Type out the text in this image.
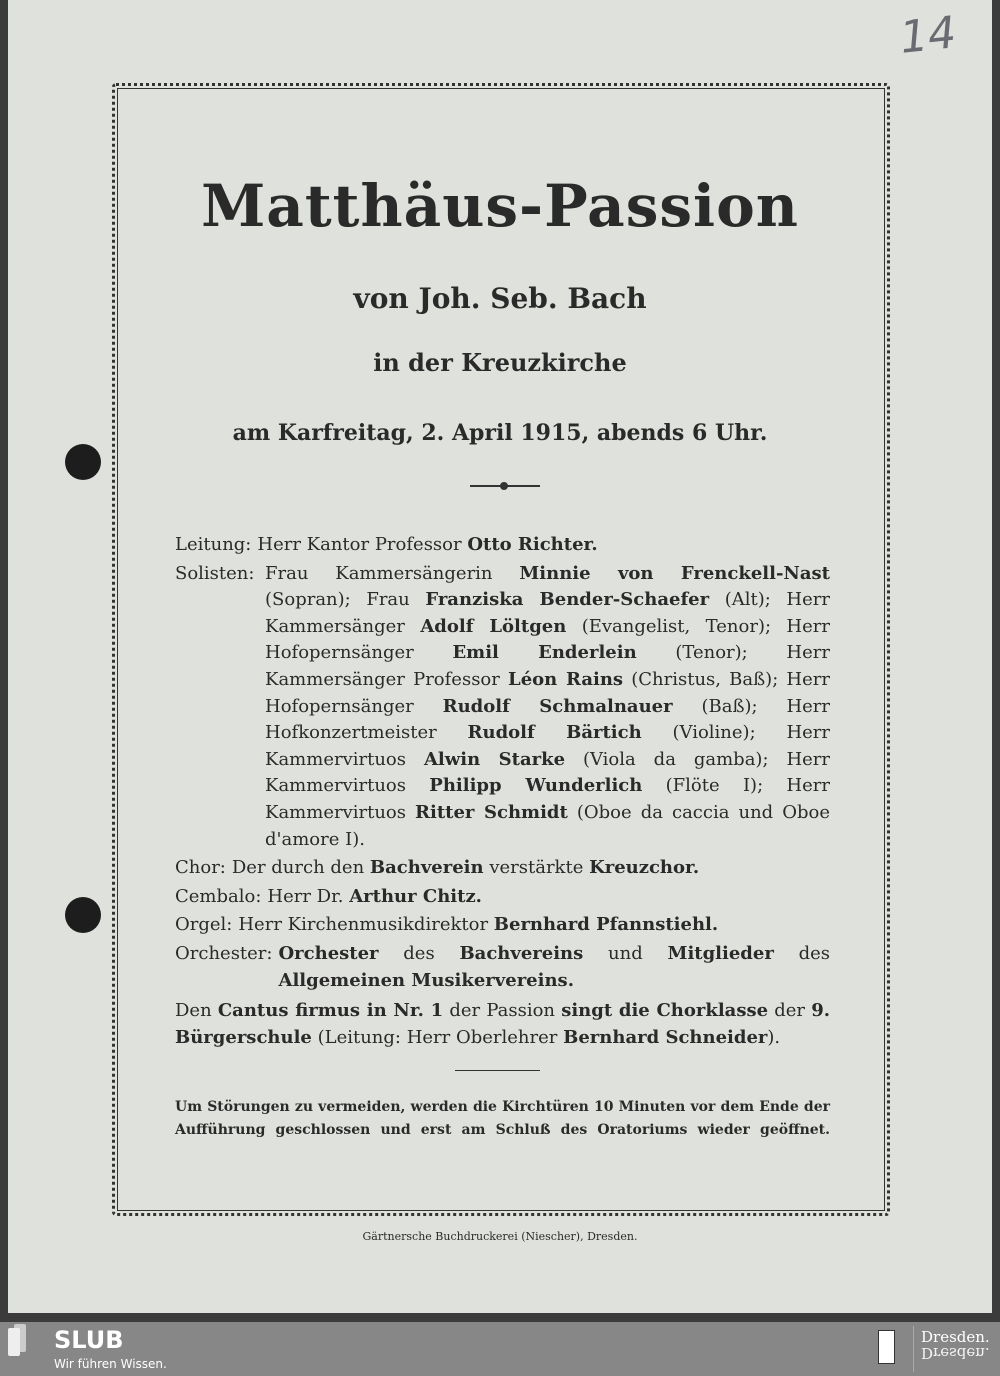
14
Matthäus-Passion
von Joh. Seb. Bach
in der Kreuzkirche
am Karfreitag, 2. April 1915, abends 6 Uhr.
Leitung: Herr Kantor Professor Otto Richter.
Solisten: Frau Kammersängerin Minnie von Frenckell-Nast (Sopran); Frau Franziska Bender-Schaefer (Alt); Herr Kammersänger Adolf Löltgen (Evangelist, Tenor); Herr Hofopernsänger Emil Enderlein (Tenor); Herr Kammersänger Professor Léon Rains (Christus, Baß); Herr Hofopernsänger Rudolf Schmalnauer (Baß); Herr Hofkonzertmeister Rudolf Bärtich (Violine); Herr Kammervirtuos Alwin Starke (Viola da gamba); Herr Kammervirtuos Philipp Wunderlich (Flöte I); Herr Kammervirtuos Ritter Schmidt (Oboe da caccia und Oboe d'amore I).
Chor: Der durch den Bachverein verstärkte Kreuzchor.
Cembalo: Herr Dr. Arthur Chitz.
Orgel: Herr Kirchenmusikdirektor Bernhard Pfannstiehl.
Orchester: Orchester des Bachvereins und Mitglieder des Allgemeinen Musikervereins.
Den Cantus firmus in Nr. 1 der Passion singt die Chorklasse der 9. Bürgerschule (Leitung: Herr Oberlehrer Bernhard Schneider).
Um Störungen zu vermeiden, werden die Kirchtüren 10 Minuten vor dem Ende der Aufführung geschlossen und erst am Schluß des Oratoriums wieder geöffnet.
Gärtnersche Buchdruckerei (Niescher), Dresden.
SLUB
Wir führen Wissen.
Dresden.
Dresden.
